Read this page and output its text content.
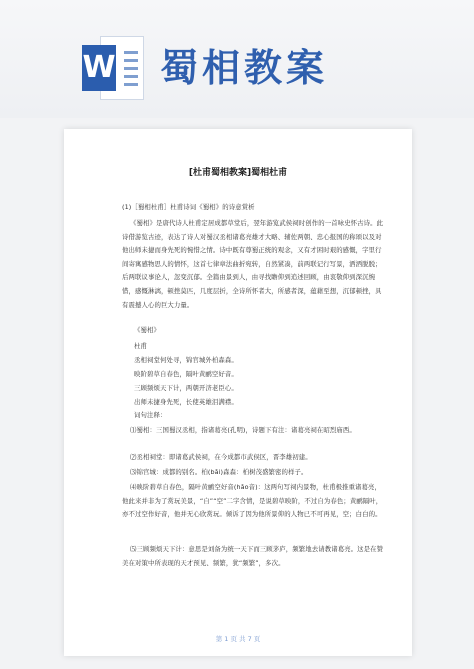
W 蜀相教案
[杜甫蜀相教案]蜀相杜甫
(1)［蜀相杜甫］杜甫诗词《蜀相》的诗意赏析
《蜀相》是唐代诗人杜甫定居成都草堂后，翌年游览武侯祠时创作的一首咏史怀古诗。此诗借游览古迹，表达了诗人对蜀汉丞相诸葛亮雄才大略、辅佐两朝、忠心报国的称颂以及对他出师未捷而身先死的惋惜之情。诗中既有尊蜀正统的观念，又有才困时艰的感慨，字里行间寄寓感物思人的情怀，这首七律章法曲折宛转，自然紧凑，前两联记行写景，洒洒脱脱；后两联议事论人，忽变沉郁。全篇由景到人，由寻找瞻仰到追述回顾，由衷敬仰到深沉惋惜，感慨淋漓，顿挫莫匹，几度层折，全诗所怀者大，所感者深，蕴藉至想，沉郁顿挫，具有震撼人心的巨大力量。
《蜀相》
杜甫
丞相祠堂何处寻，锦官城外柏森森。
映阶碧草自春色，隔叶黄鹂空好音。
三顾频烦天下计，两朝开济老臣心。
出师未捷身先死，长使英雄泪满襟。
词句注释：
⑴蜀相：三国蜀汉丞相，指诸葛亮(孔明)，诗题下有注：诸葛亮祠在昭烈庙西。
⑵丞相祠堂：即诸葛武侯祠，在今成都市武侯区，晋李雄初建。
⑶锦官城：成都的别名。柏(bǎi)森森：柏树茂盛繁密的样子。
⑷映阶碧草自春色，隔叶黄鹂空好音(hǎo音)：这两句写祠内景物，杜甫极推重诸葛亮，他此来并非为了赏玩美景，“自”“空”二字含情，是说碧草映阶，不过自为春色；黄鹂隔叶，亦不过空作好音，他并无心欣赏玩。倾诉了因为他所景仰的人物已不可再见，空；白白的。
⑸三顾频烦天下计：意思是刘备为统一天下而三顾茅庐，频繁地去请教诸葛亮。这是在赞美在对策中所表现的天才预见、频繁，犹“频繁”，多次。
第 1 页 共 7 页
